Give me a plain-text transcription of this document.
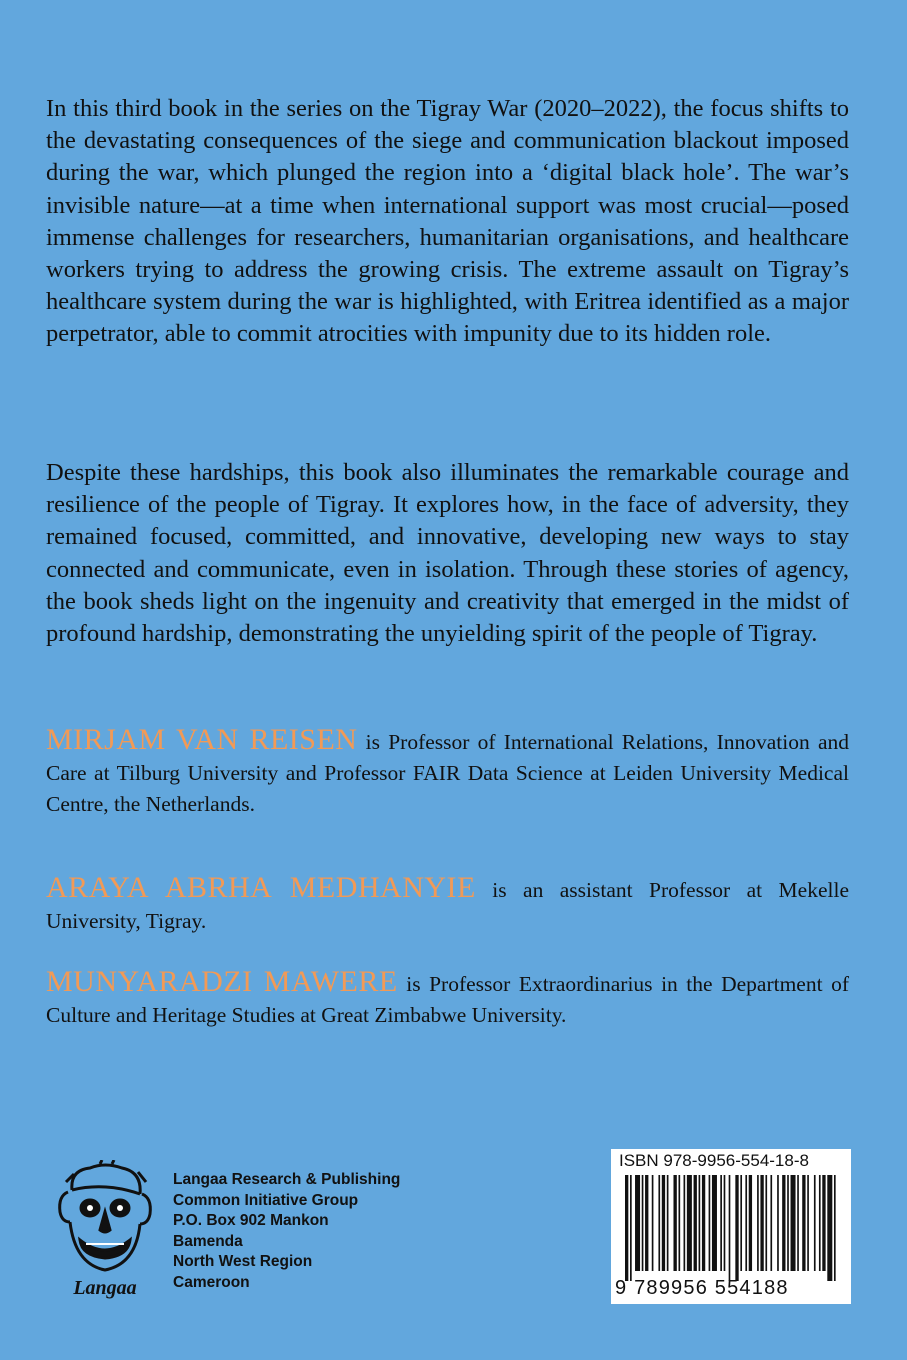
In this third book in the series on the Tigray War (2020–2022), the focus shifts to the devastating consequences of the siege and communication blackout imposed during the war, which plunged the region into a ‘digital black hole’. The war’s invisible nature—at a time when international support was most crucial—posed immense challenges for researchers, humanitarian organisations, and healthcare workers trying to address the growing crisis. The extreme assault on Tigray’s healthcare system during the war is highlighted, with Eritrea identified as a major perpetrator, able to commit atrocities with impunity due to its hidden role.

Despite these hardships, this book also illuminates the remarkable courage and resilience of the people of Tigray. It explores how, in the face of adversity, they remained focused, committed, and innovative, developing new ways to stay connected and communicate, even in isolation. Through these stories of agency, the book sheds light on the ingenuity and creativity that emerged in the midst of profound hardship, demonstrating the unyielding spirit of the people of Tigray.

MIRJAM VAN REISEN is Professor of International Relations, Innovation and Care at Tilburg University and Professor FAIR Data Science at Leiden University Medical Centre, the Netherlands.

ARAYA ABRHA MEDHANYIE is an assistant Professor at Mekelle University, Tigray.

MUNYARADZI MAWERE is Professor Extraordinarius in the Department of Culture and Heritage Studies at Great Zimbabwe University.

Langaa
Langaa Research & Publishing
Common Initiative Group
P.O. Box 902 Mankon
Bamenda
North West Region
Cameroon
ISBN 978-9956-554-18-8
9 789956 554188
